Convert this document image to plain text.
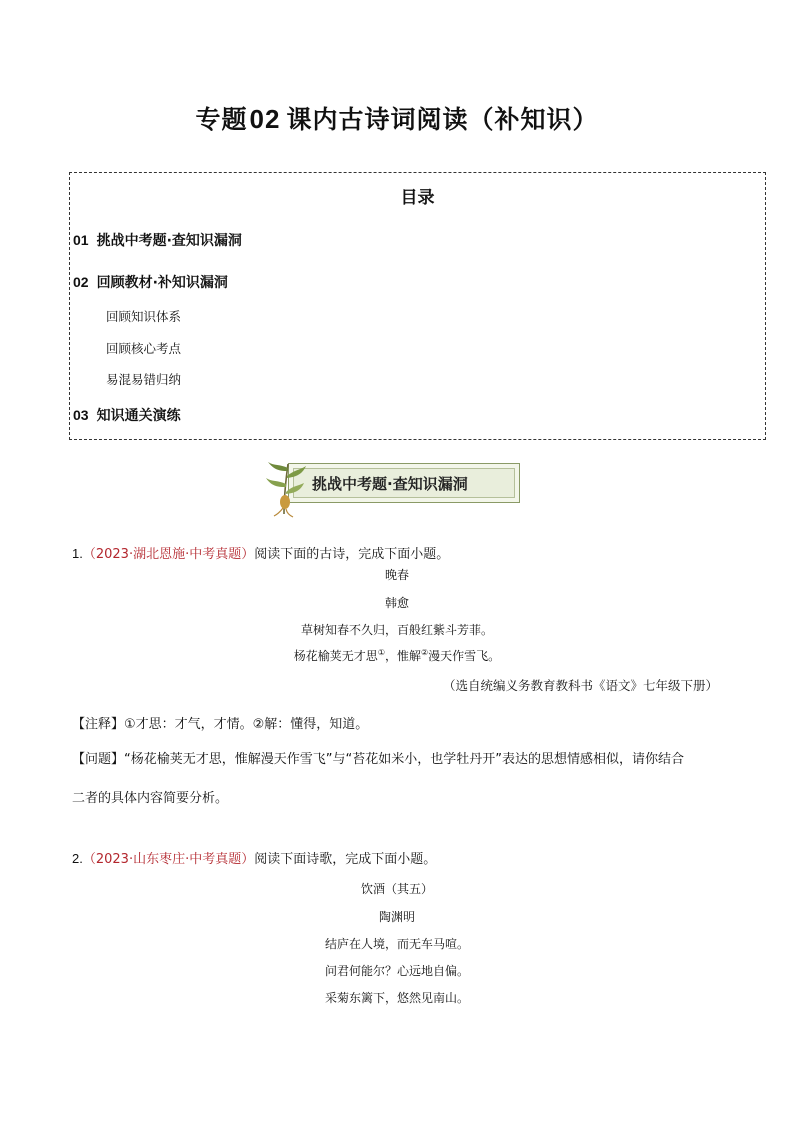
专题02 课内古诗词阅读（补知识）
目录
01 挑战中考题·查知识漏洞
02 回顾教材·补知识漏洞
回顾知识体系
回顾核心考点
易混易错归纳
03 知识通关演练
挑战中考题·查知识漏洞
1.（2023·湖北恩施·中考真题）阅读下面的古诗，完成下面小题。
晚春
韩愈
草树知春不久归，百般红紫斗芳菲。
杨花榆荚无才思①，惟解②漫天作雪飞。
（选自统编义务教育教科书《语文》七年级下册）
【注释】①才思：才气，才情。②解：懂得，知道。
【问题】“杨花榆荚无才思，惟解漫天作雪飞”与“苔花如米小，也学牡丹开”表达的思想情感相似，请你结合
二者的具体内容简要分析。
2.（2023·山东枣庄·中考真题）阅读下面诗歌，完成下面小题。
饮酒（其五）
陶渊明
结庐在人境，而无车马喧。
问君何能尔？心远地自偏。
采菊东篱下，悠然见南山。
